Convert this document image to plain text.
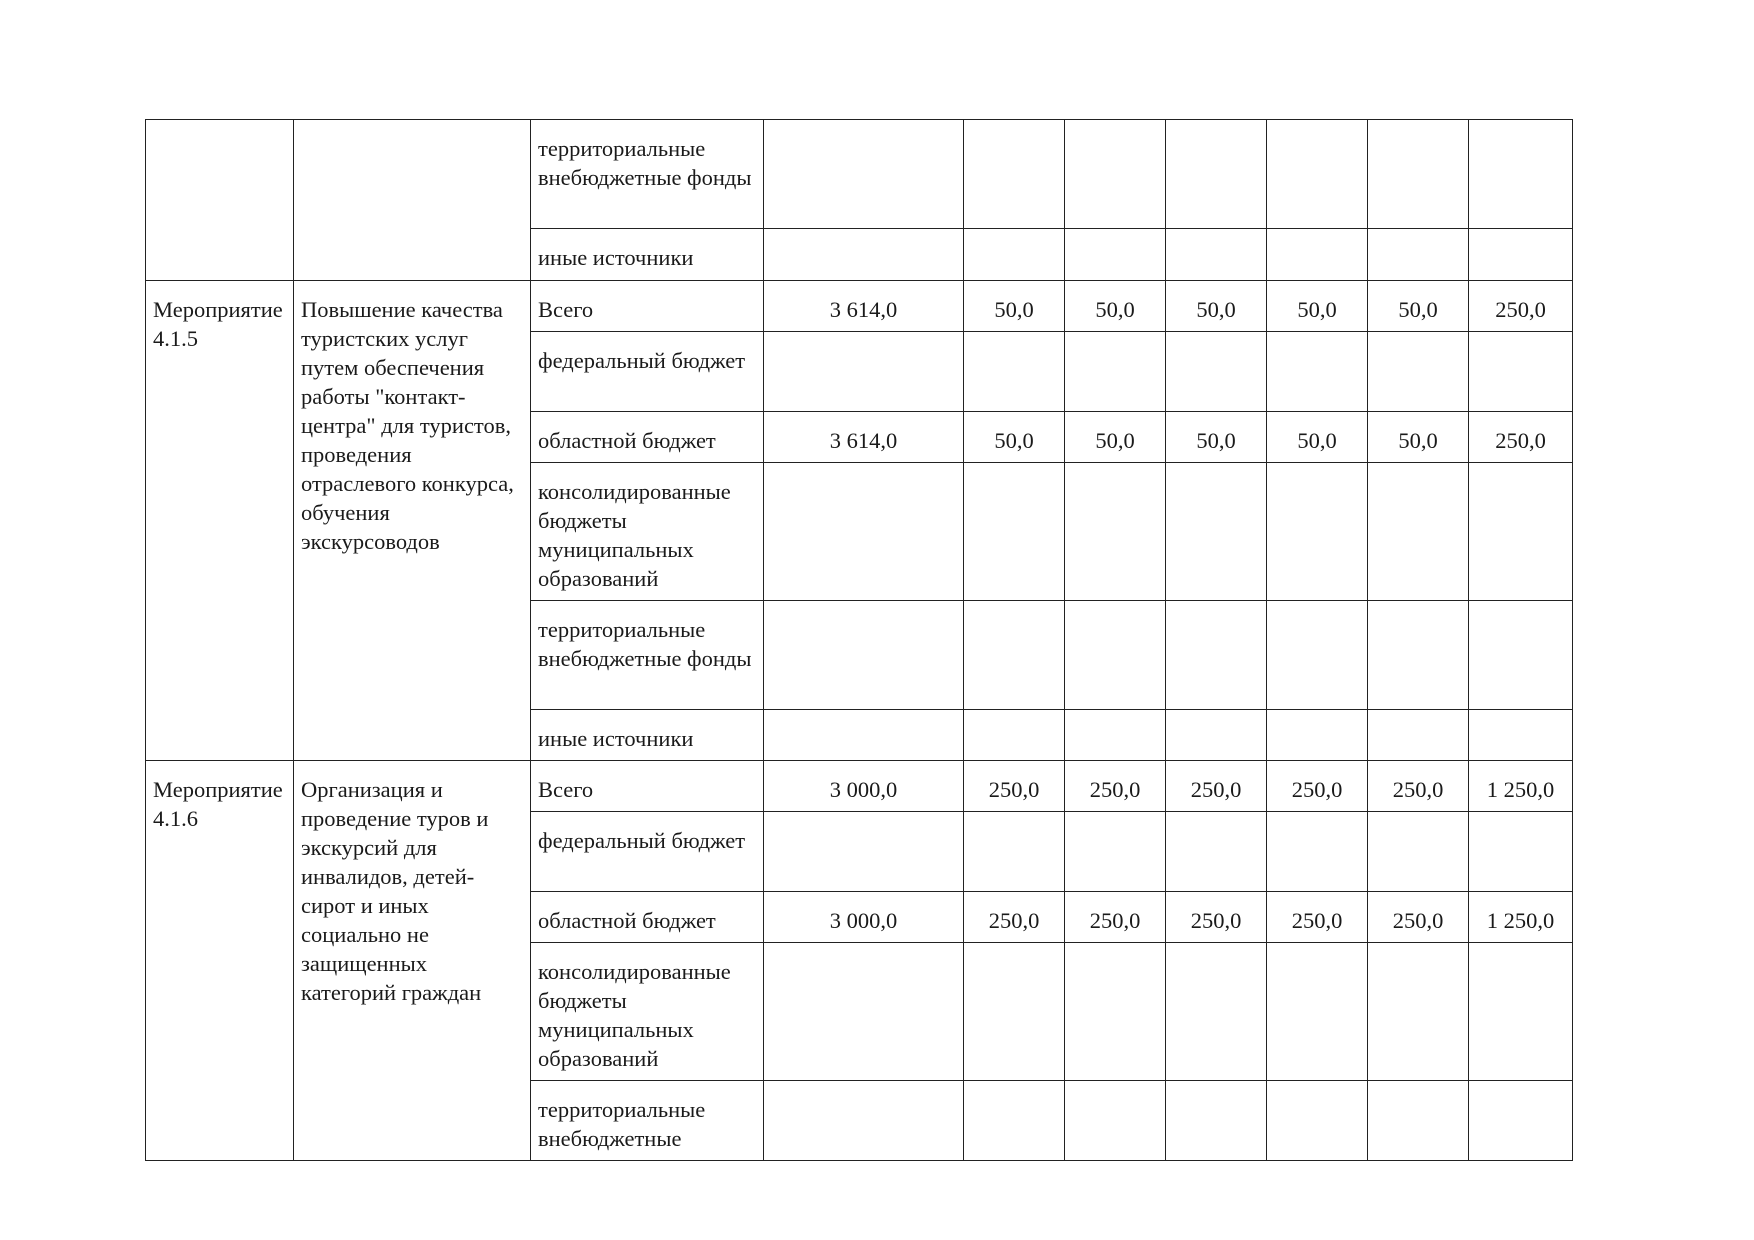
		территориальные внебюджетные фонды							
		иные источники							
Мероприятие 4.1.5	Повышение качества туристских услуг путем обеспечения работы "контакт-центра" для туристов, проведения отраслевого конкурса, обучения экскурсоводов	Всего	3 614,0	50,0	50,0	50,0	50,0	50,0	250,0
		федеральный бюджет							
		областной бюджет	3 614,0	50,0	50,0	50,0	50,0	50,0	250,0
		консолидированные бюджеты муниципальных образований							
		территориальные внебюджетные фонды							
		иные источники							
Мероприятие 4.1.6	Организация и проведение туров и экскурсий для инвалидов, детей-сирот и иных социально не защищенных категорий граждан	Всего	3 000,0	250,0	250,0	250,0	250,0	250,0	1 250,0
		федеральный бюджет							
		областной бюджет	3 000,0	250,0	250,0	250,0	250,0	250,0	1 250,0
		консолидированные бюджеты муниципальных образований							
		территориальные внебюджетные							
